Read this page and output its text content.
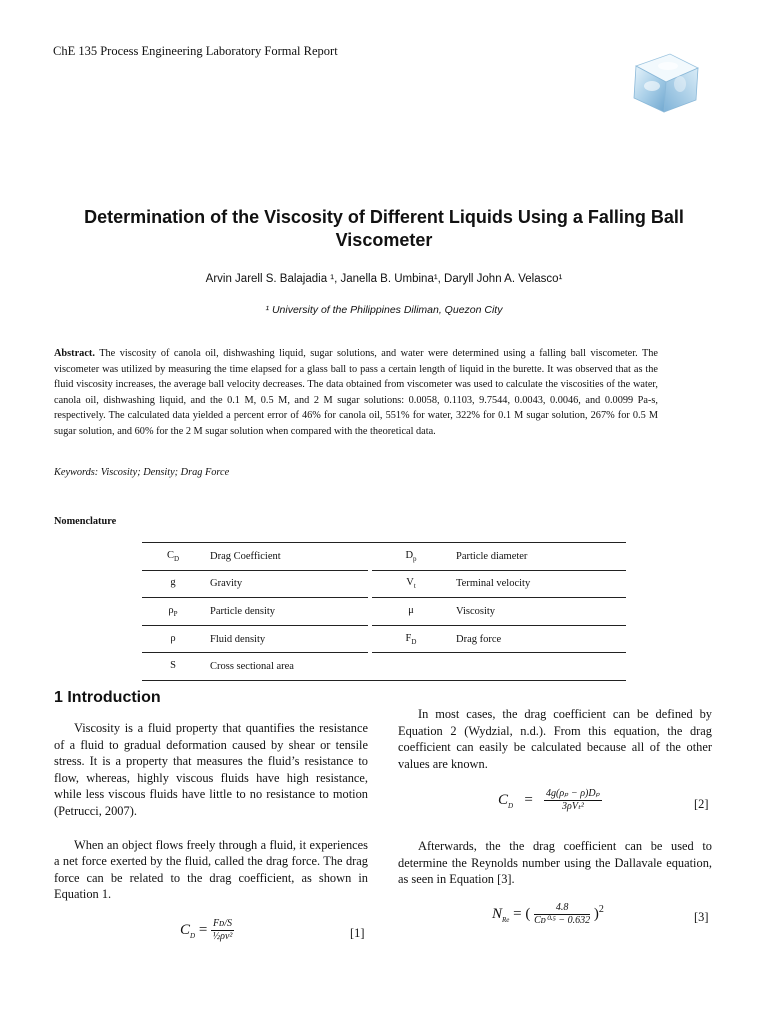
ChE 135 Process Engineering Laboratory Formal Report
Determination of the Viscosity of Different Liquids Using a Falling Ball Viscometer
Arvin Jarell S. Balajadia ¹, Janella B. Umbina¹, Daryll John A. Velasco¹
¹ University of the Philippines Diliman, Quezon City
Abstract. The viscosity of canola oil, dishwashing liquid, sugar solutions, and water were determined using a falling ball viscometer. The viscometer was utilized by measuring the time elapsed for a glass ball to pass a certain length of liquid in the burette. It was observed that as the fluid viscosity increases, the average ball velocity decreases. The data obtained from viscometer was used to calculate the viscosities of the water, canola oil, dishwashing liquid, and the 0.1 M, 0.5 M, and 2 M sugar solutions: 0.0058, 0.1103, 9.7544, 0.0043, 0.0046, and 0.0099 Pa-s, respectively. The calculated data yielded a percent error of 46% for canola oil, 551% for water, 322% for 0.1 M sugar solution, 267% for 0.5 M sugar solution, and 60% for the 2 M sugar solution when compared with the theoretical data.
Keywords: Viscosity; Density; Drag Force
Nomenclature
$C_D$	Drag Coefficient		$D_p$	Particle diameter
g	Gravity		$V_t$	Terminal velocity
$\rho_P$	Particle density		μ	Viscosity
ρ	Fluid density		$F_D$	Drag force
S	Cross sectional area			
1 Introduction

Viscosity is a fluid property that quantifies the resistance of a fluid to gradual deformation caused by shear or tensile stress. It is a property that measures the fluid’s resistance to flow, whereas, highly viscous fluids have high resistance, while less viscous fluids have little to no resistance to motion (Petrucci, 2007).

When an object flows freely through a fluid, it experiences a net force exerted by the fluid, called the drag force. The drag force can be related to the drag coefficient, as shown in Equation 1.

In most cases, the drag coefficient can be defined by Equation 2 (Wydzial, n.d.). From this equation, the drag coefficient can easily be calculated because all of the other values are known.

Afterwards, the the drag coefficient can be used to determine the Reynolds number using the Dallavale equation, as seen in Equation [3].

$C_D = \frac{\text{Fᴅ/S}}{\text{½ρv²}}$	[1]
$C_D = \frac{\text{4g(ρₚ − ρ)Dₚ}}{\text{3ρVₜ²}}$	[2]
$N_{Re}$ = ( $\frac{4.8}{\text{Cᴅ⁰·⁵ − 0.632}} )^2$
[3]
